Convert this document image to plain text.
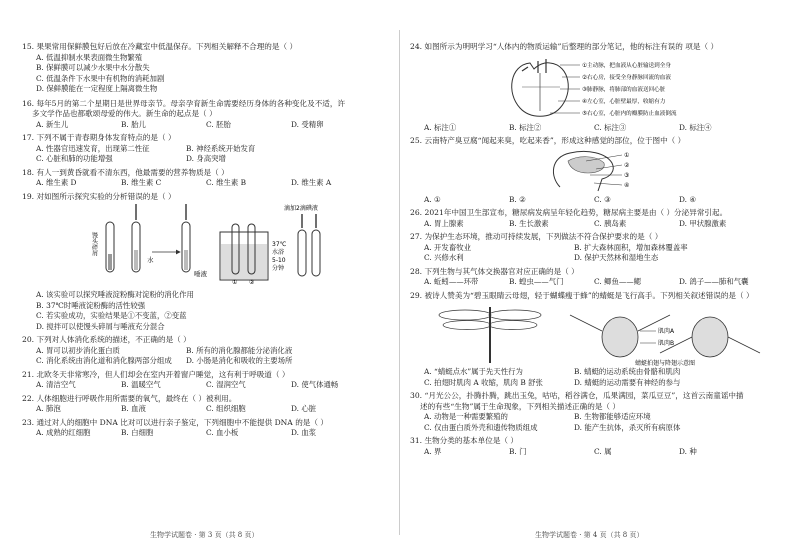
15. 果果常用保鲜膜包好后放在冷藏室中低温保存。下列相关解释不合理的是（ ）

A. 低温抑制水果表面微生物繁殖
B. 保鲜膜可以减少水果中水分散失
C. 低温条件下水果中有机物的消耗加剧
D. 保鲜膜能在一定程度上隔离微生物

16. 每年5月的第二个星期日是世界母亲节。母亲孕育新生命需要经历身体的各种变化及不适，许

多文学作品也都歌颂母爱的伟大。新生命的起点是（ ）

A. 新生儿	B. 胎儿	C. 胚胎	D. 受精卵

17. 下列不属于青春期身体发育特点的是（ ）

A. 性器官迅速发育，出现第二性征	B. 神经系统开始发育
C. 心脏和肺的功能增强	D. 身高突增

18. 有人一到黄昏就看不清东西，他最需要的营养物质是（ ）

A. 维生素 D	B. 维生素 C	C. 维生素 B	D. 维生素 A

19. 对如图所示探究实验的分析错误的是（ ）

馒头碎屑
水
唾液
① ②
37℃
水浴
5-10
分钟
滴加2滴碘液
A. 该实验可以探究唾液淀粉酶对淀粉的消化作用
B. 37℃时唾液淀粉酶的活性较强
C. 若实验成功，实验结果是①不变蓝，②变蓝
D. 搅拌可以使馒头碎屑与唾液充分混合

20. 下列对人体消化系统的描述，不正确的是（ ）

A. 胃可以初步消化蛋白质	B. 所有的消化腺都能分泌消化液
C. 消化系统由消化道和消化腺两部分组成	D. 小肠是消化和吸收的主要场所

21. 北欧冬天非常寒冷，但人们却会在室内开着窗户睡觉，这有利于呼吸道（ ）

A. 清洁空气	B. 温暖空气	C. 湿润空气	D. 使气体通畅

22. 人体细胞进行呼吸作用所需要的氧气，最终在（ ）被利用。

A. 肺泡	B. 血液	C. 组织细胞	D. 心脏

23. 通过对人的细胞中 DNA 比对可以进行亲子鉴定，下列细胞中不能提供 DNA 的是（ ）

A. 成熟的红细胞	B. 白细胞	C. 血小板	D. 血浆
生物学试题卷 · 第 3 页（共 8 页）

24. 如图所示为明明学习“人体内的物质运输”后整理的部分笔记，他的标注有误的 项是（ ）

①主动脉，把血液从心脏输送到全身
②右心房，接受全身静脉回流的血液
③肺静脉，将肺部的血液送回心脏
④左心室，心脏壁最厚，收缩有力
⑤右心室，心脏内的瓣膜防止血液倒流
A. 标注①	B. 标注②	C. 标注③	D. 标注④

25. 云南特产臭豆腐“闻起来臭，吃起来香”，形成这种感觉的部位，位于图中（ ）

①
②
③
④
A. ①	B. ②	C. ③	D. ④

26. 2021年中国卫生部宣布，糖尿病发病呈年轻化趋势，糖尿病主要是由（ ）分泌异常引起。

A. 胃上腺素	B. 生长激素	C. 胰岛素	D. 甲状腺激素

27. 为保护生态环境，推动可持续发展，下列做法不符合保护要求的是（ ）

A. 开发畜牧业	B. 扩大森林面积，增加森林覆盖率
C. 兴修水利	D. 保护天然林和湿地生态

28. 下列生物与其气体交换器官对应正确的是（ ）

A. 蚯蚓——环带	B. 蝗虫——气门	C. 鲫鱼——鳃	D. 鸽子——肺和气囊

29. 被诗人赞美为“碧玉眼睛云母翅，轻于蝴蝶瘦于蜂”的蜻蜓是飞行高手。下列相关叙述错误的是（ ）

肌肉A
肌肉B
蜻蜓拍翅与降翅示意图
A. “蜻蜓点水”属于先天性行为	B. 蜻蜓的运动系统由骨骼和肌肉
C. 拍翅时肌肉 A 收缩，肌肉 B 舒张	D. 蜻蜓的运动需要有神经的参与

30. “月光公公，扑腾扑腾，跳出玉兔，咕咕，稻谷满仓，瓜果满园，菜瓜豆豆”，这首云南童谣中描

述的有些“生物”属于生命现象，下列相关描述正确的是（ ）

A. 动物是一种需要繁殖的	B. 生物都能够适应环境
C. 仅由蛋白质外壳和遗传物质组成	D. 能产生抗体，杀灭所有病原体

31. 生物分类的基本单位是（ ）

A. 界	B. 门	C. 属	D. 种
生物学试题卷 · 第 4 页（共 8 页）
